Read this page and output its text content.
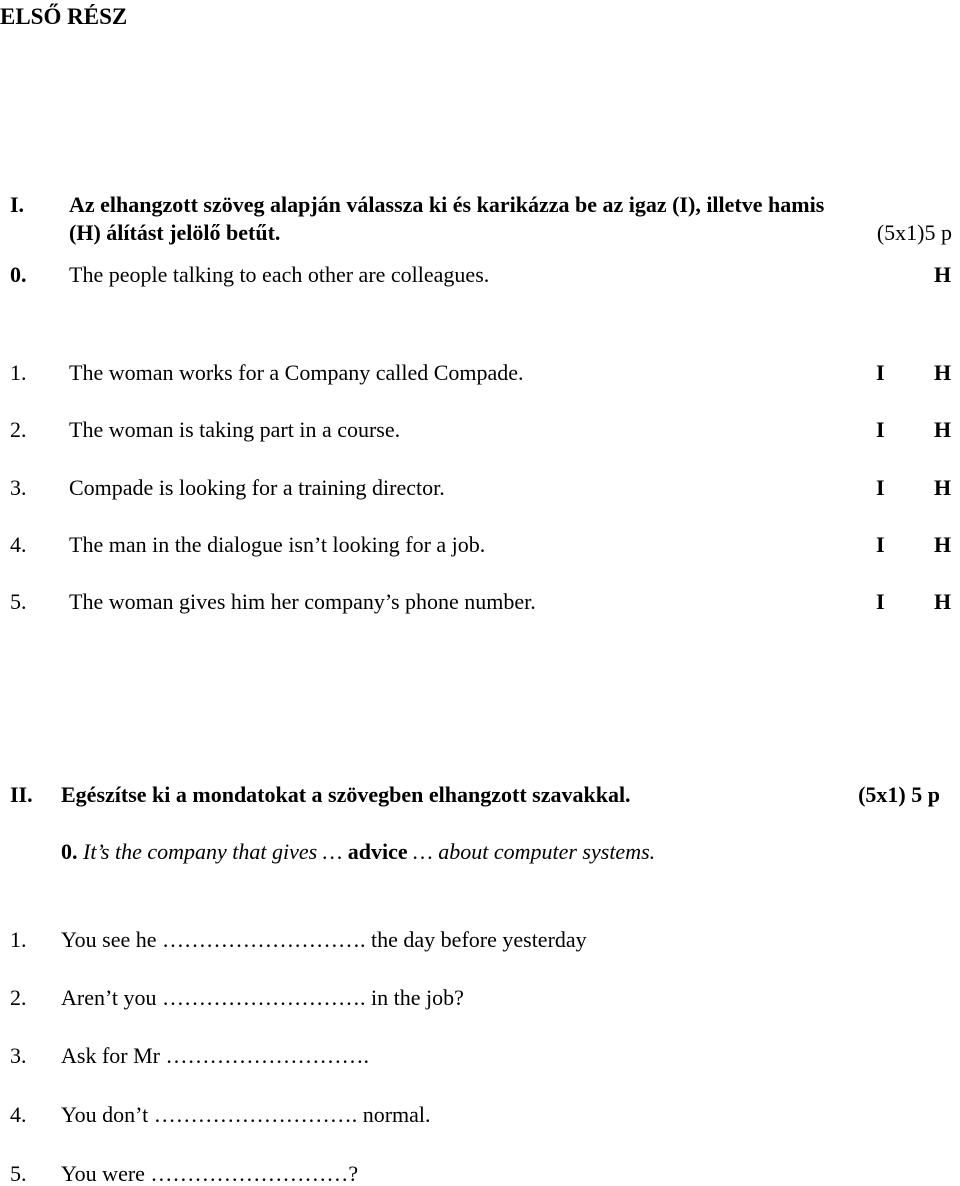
ELSŐ RÉSZ
I. Az elhangzott szöveg alapján válassza ki és karikázza be az igaz (I), illetve hamis
(H) álítást jelölő betűt.	(5x1)5 p
0. The people talking to each other are colleagues.	H
1. The woman works for a Company called Compade.	I H
2. The woman is taking part in a course.	I H
3. Compade is looking for a training director.	I H
4. The man in the dialogue isn’t looking for a job.	I H
5. The woman gives him her company’s phone number.	I H
II. Egészítse ki a mondatokat a szövegben elhangzott szavakkal.	(5x1) 5 p
0. It’s the company that gives … advice … about computer systems.
1. You see he ………………………. the day before yesterday
2. Aren’t you ………………………. in the job?
3. Ask for Mr ……………………….
4. You don’t ………………………. normal.
5. You were ………………………?
